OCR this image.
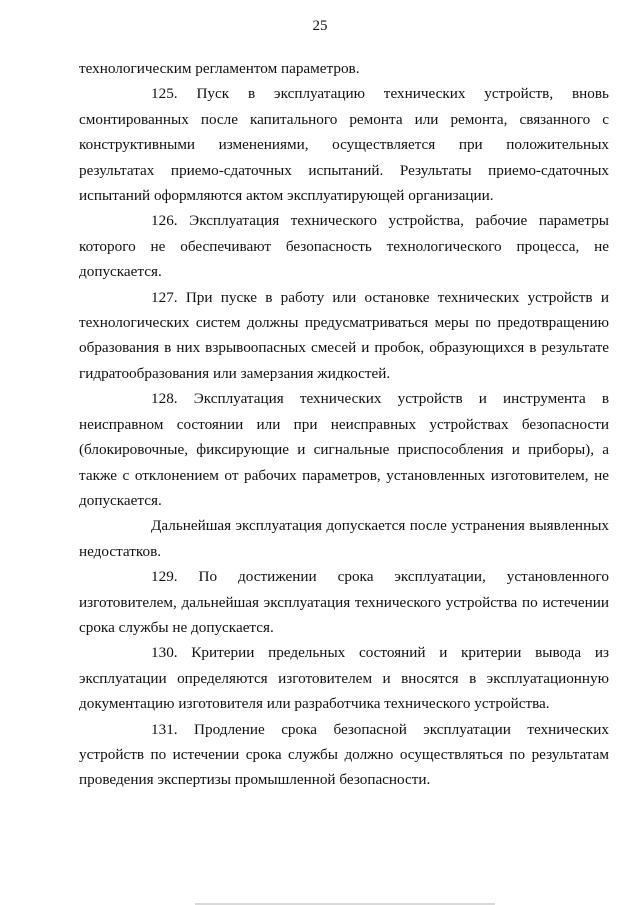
25

технологическим регламентом параметров.

125. Пуск в эксплуатацию технических устройств, вновь смонтированных после капитального ремонта или ремонта, связанного с конструктивными изменениями, осуществляется при положительных результатах приемо-сдаточных испытаний. Результаты приемо-сдаточных испытаний оформляются актом эксплуатирующей организации.

126. Эксплуатация технического устройства, рабочие параметры которого не обеспечивают безопасность технологического процесса, не допускается.

127. При пуске в работу или остановке технических устройств и технологических систем должны предусматриваться меры по предотвращению образования в них взрывоопасных смесей и пробок, образующихся в результате гидратообразования или замерзания жидкостей.

128. Эксплуатация технических устройств и инструмента в неисправном состоянии или при неисправных устройствах безопасности (блокировочные, фиксирующие и сигнальные приспособления и приборы), а также с отклонением от рабочих параметров, установленных изготовителем, не допускается.

Дальнейшая эксплуатация допускается после устранения выявленных недостатков.

129. По достижении срока эксплуатации, установленного изготовителем, дальнейшая эксплуатация технического устройства по истечении срока службы не допускается.

130. Критерии предельных состояний и критерии вывода из эксплуатации определяются изготовителем и вносятся в эксплуатационную документацию изготовителя или разработчика технического устройства.

131. Продление срока безопасной эксплуатации технических устройств по истечении срока службы должно осуществляться по результатам проведения экспертизы промышленной безопасности.
